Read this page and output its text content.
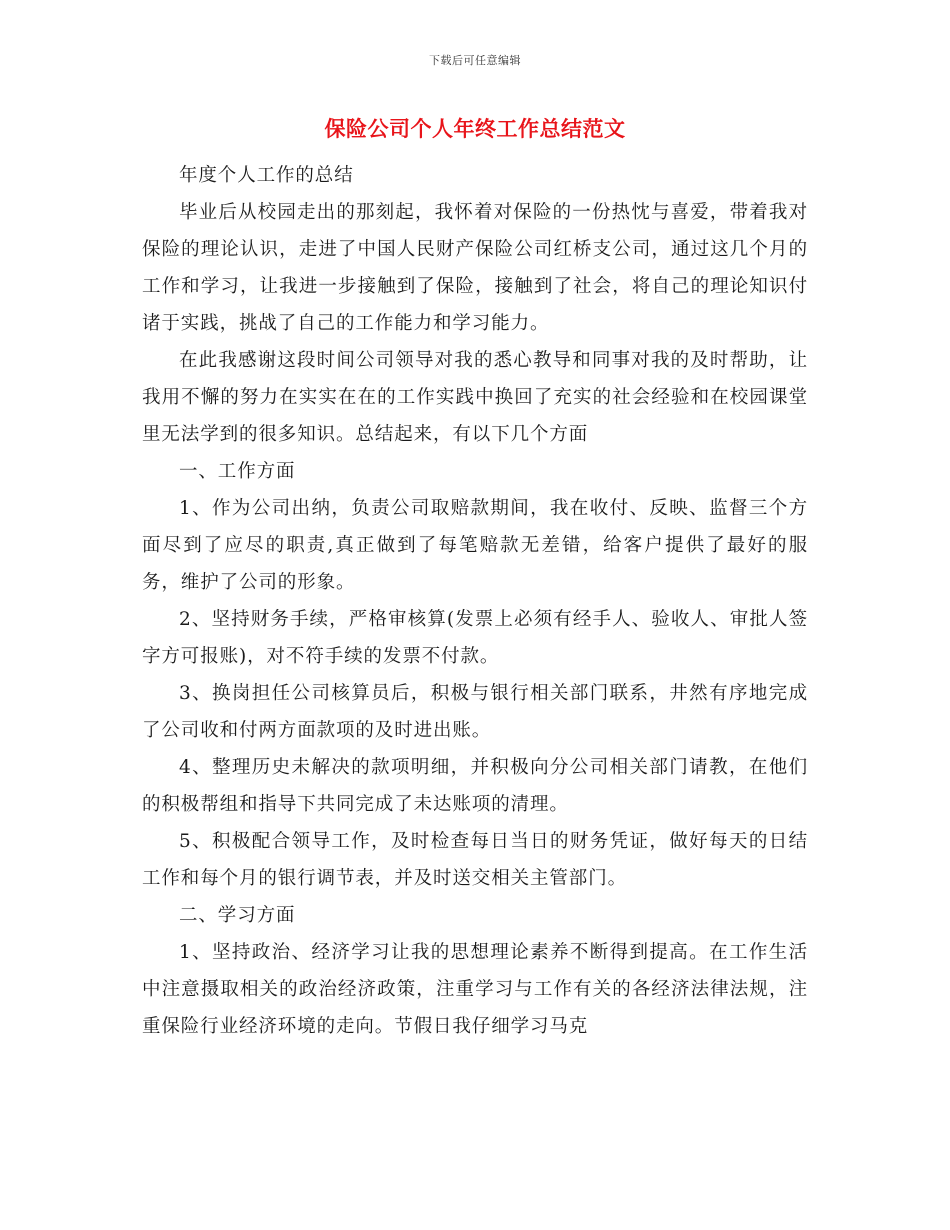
下载后可任意编辑
保险公司个人年终工作总结范文

年度个人工作的总结

毕业后从校园走出的那刻起，我怀着对保险的一份热忱与喜爱，带着我对保险的理论认识，走进了中国人民财产保险公司红桥支公司，通过这几个月的工作和学习，让我进一步接触到了保险，接触到了社会，将自己的理论知识付诸于实践，挑战了自己的工作能力和学习能力。

在此我感谢这段时间公司领导对我的悉心教导和同事对我的及时帮助，让我用不懈的努力在实实在在的工作实践中换回了充实的社会经验和在校园课堂里无法学到的很多知识。总结起来，有以下几个方面

一、工作方面

1、作为公司出纳，负责公司取赔款期间，我在收付、反映、监督三个方面尽到了应尽的职责,真正做到了每笔赔款无差错，给客户提供了最好的服务，维护了公司的形象。

2、坚持财务手续，严格审核算(发票上必须有经手人、验收人、审批人签字方可报账)，对不符手续的发票不付款。

3、换岗担任公司核算员后，积极与银行相关部门联系，井然有序地完成了公司收和付两方面款项的及时进出账。

4、整理历史未解决的款项明细，并积极向分公司相关部门请教，在他们的积极帮组和指导下共同完成了未达账项的清理。

5、积极配合领导工作，及时检查每日当日的财务凭证，做好每天的日结工作和每个月的银行调节表，并及时送交相关主管部门。

二、学习方面

1、坚持政治、经济学习让我的思想理论素养不断得到提高。在工作生活中注意摄取相关的政治经济政策，注重学习与工作有关的各经济法律法规，注重保险行业经济环境的走向。节假日我仔细学习马克
